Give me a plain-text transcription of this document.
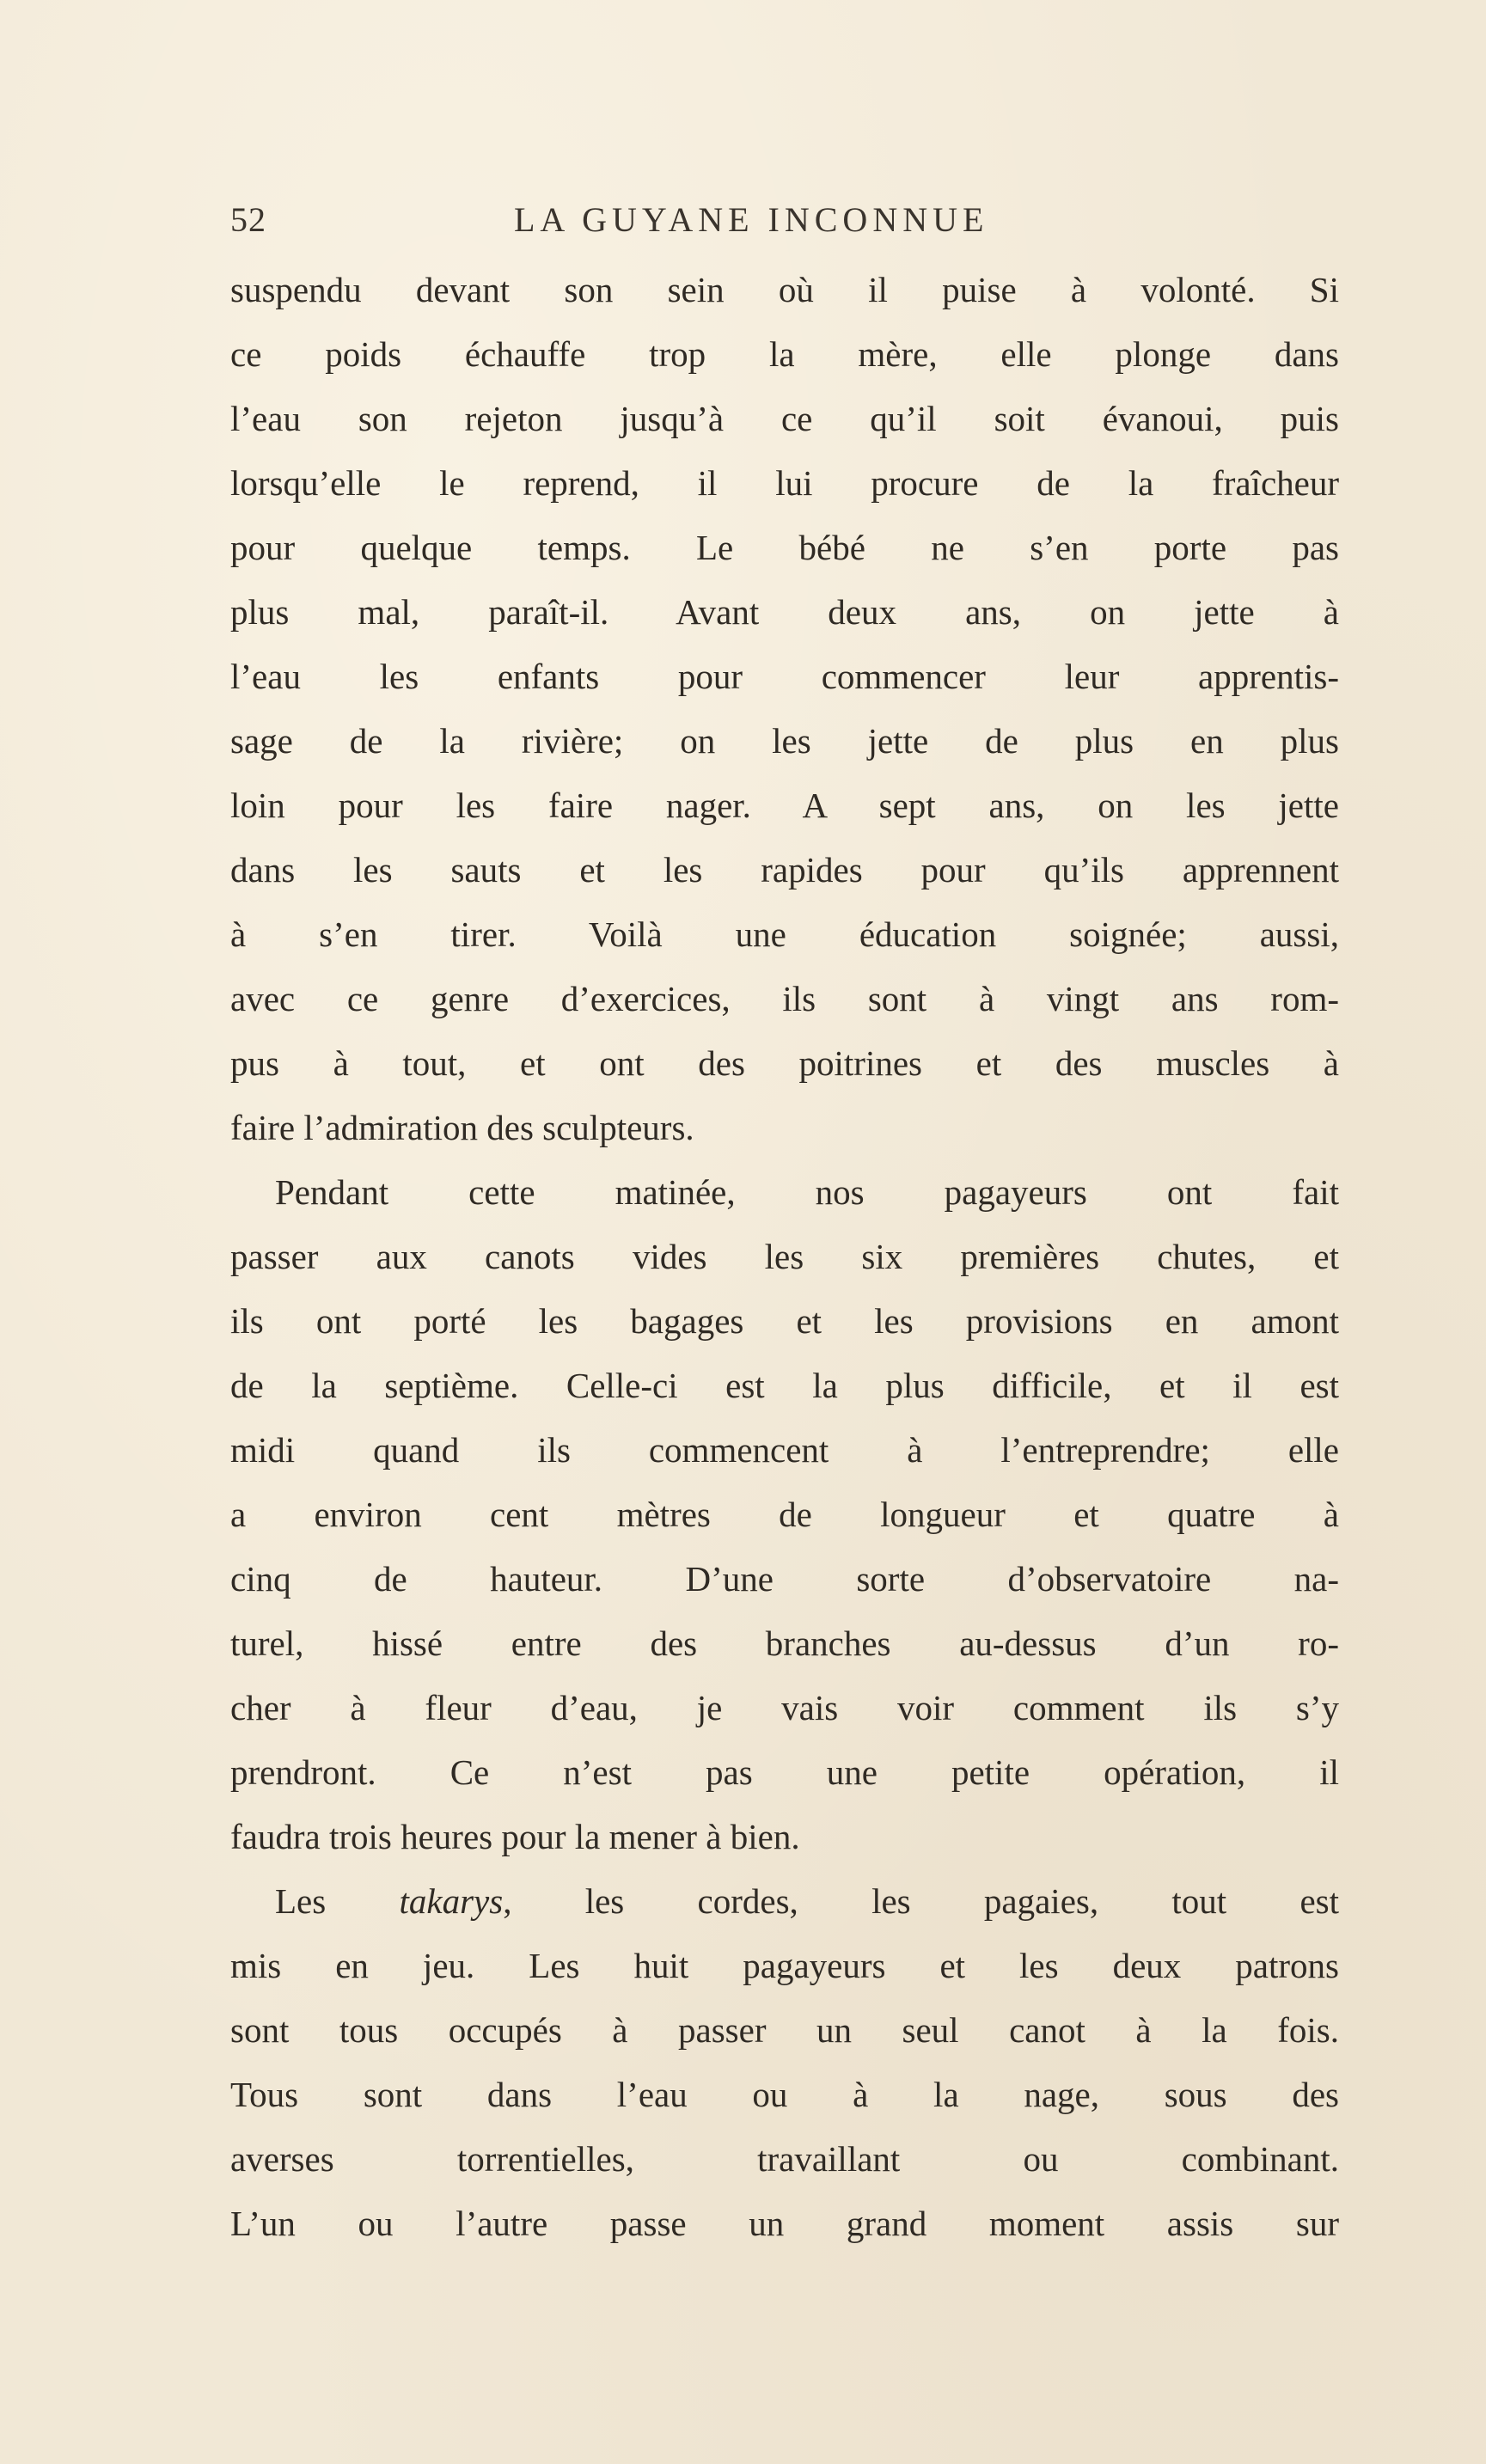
52	LA GUYANE INCONNUE
suspendu devant son sein où il puise à volonté. Si
ce poids échauffe trop la mère, elle plonge dans
l’eau son rejeton jusqu’à ce qu’il soit évanoui, puis
lorsqu’elle le reprend, il lui procure de la fraîcheur
pour quelque temps. Le bébé ne s’en porte pas
plus mal, paraît-il. Avant deux ans, on jette à
l’eau les enfants pour commencer leur apprentis-
sage de la rivière; on les jette de plus en plus
loin pour les faire nager. A sept ans, on les jette
dans les sauts et les rapides pour qu’ils apprennent
à s’en tirer. Voilà une éducation soignée; aussi,
avec ce genre d’exercices, ils sont à vingt ans rom-
pus à tout, et ont des poitrines et des muscles à
faire l’admiration des sculpteurs.
Pendant cette matinée, nos pagayeurs ont fait
passer aux canots vides les six premières chutes, et
ils ont porté les bagages et les provisions en amont
de la septième. Celle-ci est la plus difficile, et il est
midi quand ils commencent à l’entreprendre; elle
a environ cent mètres de longueur et quatre à
cinq de hauteur. D’une sorte d’observatoire na-
turel, hissé entre des branches au-dessus d’un ro-
cher à fleur d’eau, je vais voir comment ils s’y
prendront. Ce n’est pas une petite opération, il
faudra trois heures pour la mener à bien.
Les takarys, les cordes, les pagaies, tout est
mis en jeu. Les huit pagayeurs et les deux patrons
sont tous occupés à passer un seul canot à la fois.
Tous sont dans l’eau ou à la nage, sous des
averses torrentielles, travaillant ou combinant.
L’un ou l’autre passe un grand moment assis sur
